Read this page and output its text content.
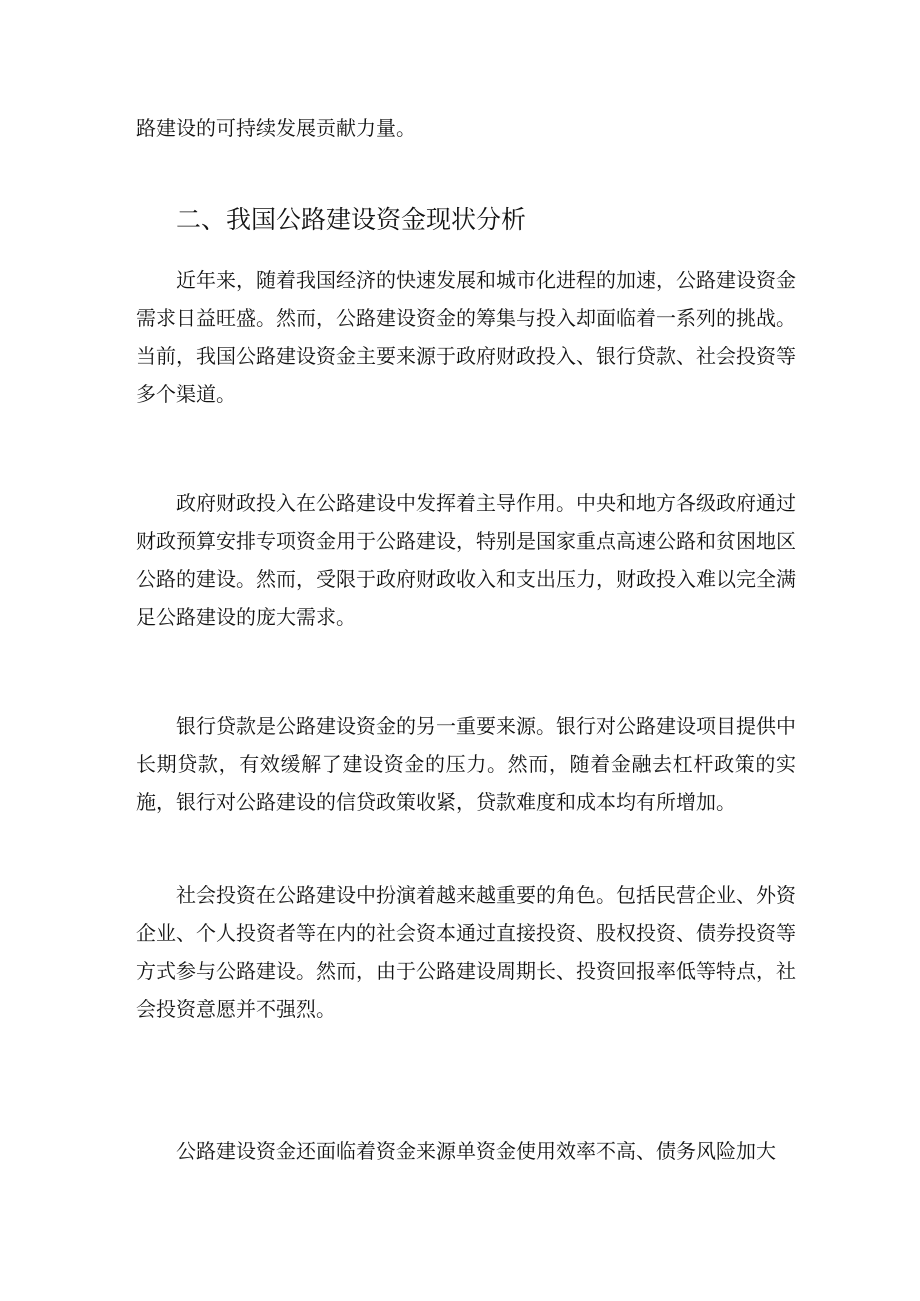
路建设的可持续发展贡献力量。

二、我国公路建设资金现状分析

近年来，随着我国经济的快速发展和城市化进程的加速，公路建设资金需求日益旺盛。然而，公路建设资金的筹集与投入却面临着一系列的挑战。当前，我国公路建设资金主要来源于政府财政投入、银行贷款、社会投资等多个渠道。

政府财政投入在公路建设中发挥着主导作用。中央和地方各级政府通过财政预算安排专项资金用于公路建设，特别是国家重点高速公路和贫困地区公路的建设。然而，受限于政府财政收入和支出压力，财政投入难以完全满足公路建设的庞大需求。

银行贷款是公路建设资金的另一重要来源。银行对公路建设项目提供中长期贷款，有效缓解了建设资金的压力。然而，随着金融去杠杆政策的实施，银行对公路建设的信贷政策收紧，贷款难度和成本均有所增加。

社会投资在公路建设中扮演着越来越重要的角色。包括民营企业、外资企业、个人投资者等在内的社会资本通过直接投资、股权投资、债券投资等方式参与公路建设。然而，由于公路建设周期长、投资回报率低等特点，社会投资意愿并不强烈。

公路建设资金还面临着资金来源单资金使用效率不高、债务风险加大
